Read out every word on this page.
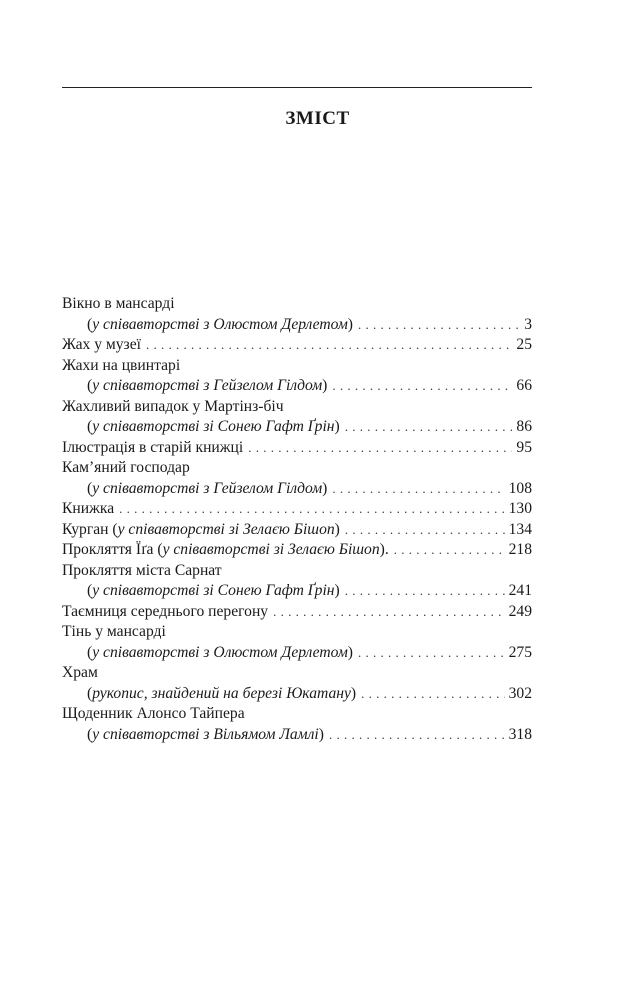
ЗМІСТ
Вікно в мансарді
(у співавторстві з Олюстом Дерлетом) . . .	3
Жах у музеї . . .	25
Жахи на цвинтарі
(у співавторстві з Гейзелом Гілдом) . . .	66
Жахливий випадок у Мартінз-біч
(у співавторстві зі Сонею Гафт Ґрін) . . .	86
Ілюстрація в старій книжці . . .	95
Кам’яний господар
(у співавторстві з Гейзелом Гілдом) . . .	108
Книжка . . .	130
Курган (у співавторстві зі Зелаєю Бішоп) . . .	134
Прокляття Їґа (у співавторстві зі Зелаєю Бішоп). . . .	218
Прокляття міста Сарнат
(у співавторстві зі Сонею Гафт Ґрін) . . .	241
Таємниця середнього перегону . . .	249
Тінь у мансарді
(у співавторстві з Олюстом Дерлетом) . . .	275
Храм
(рукопис, знайдений на березі Юкатану) . . .	302
Щоденник Алонсо Тайпера
(у співавторстві з Вільямом Ламлі) . . .	318
